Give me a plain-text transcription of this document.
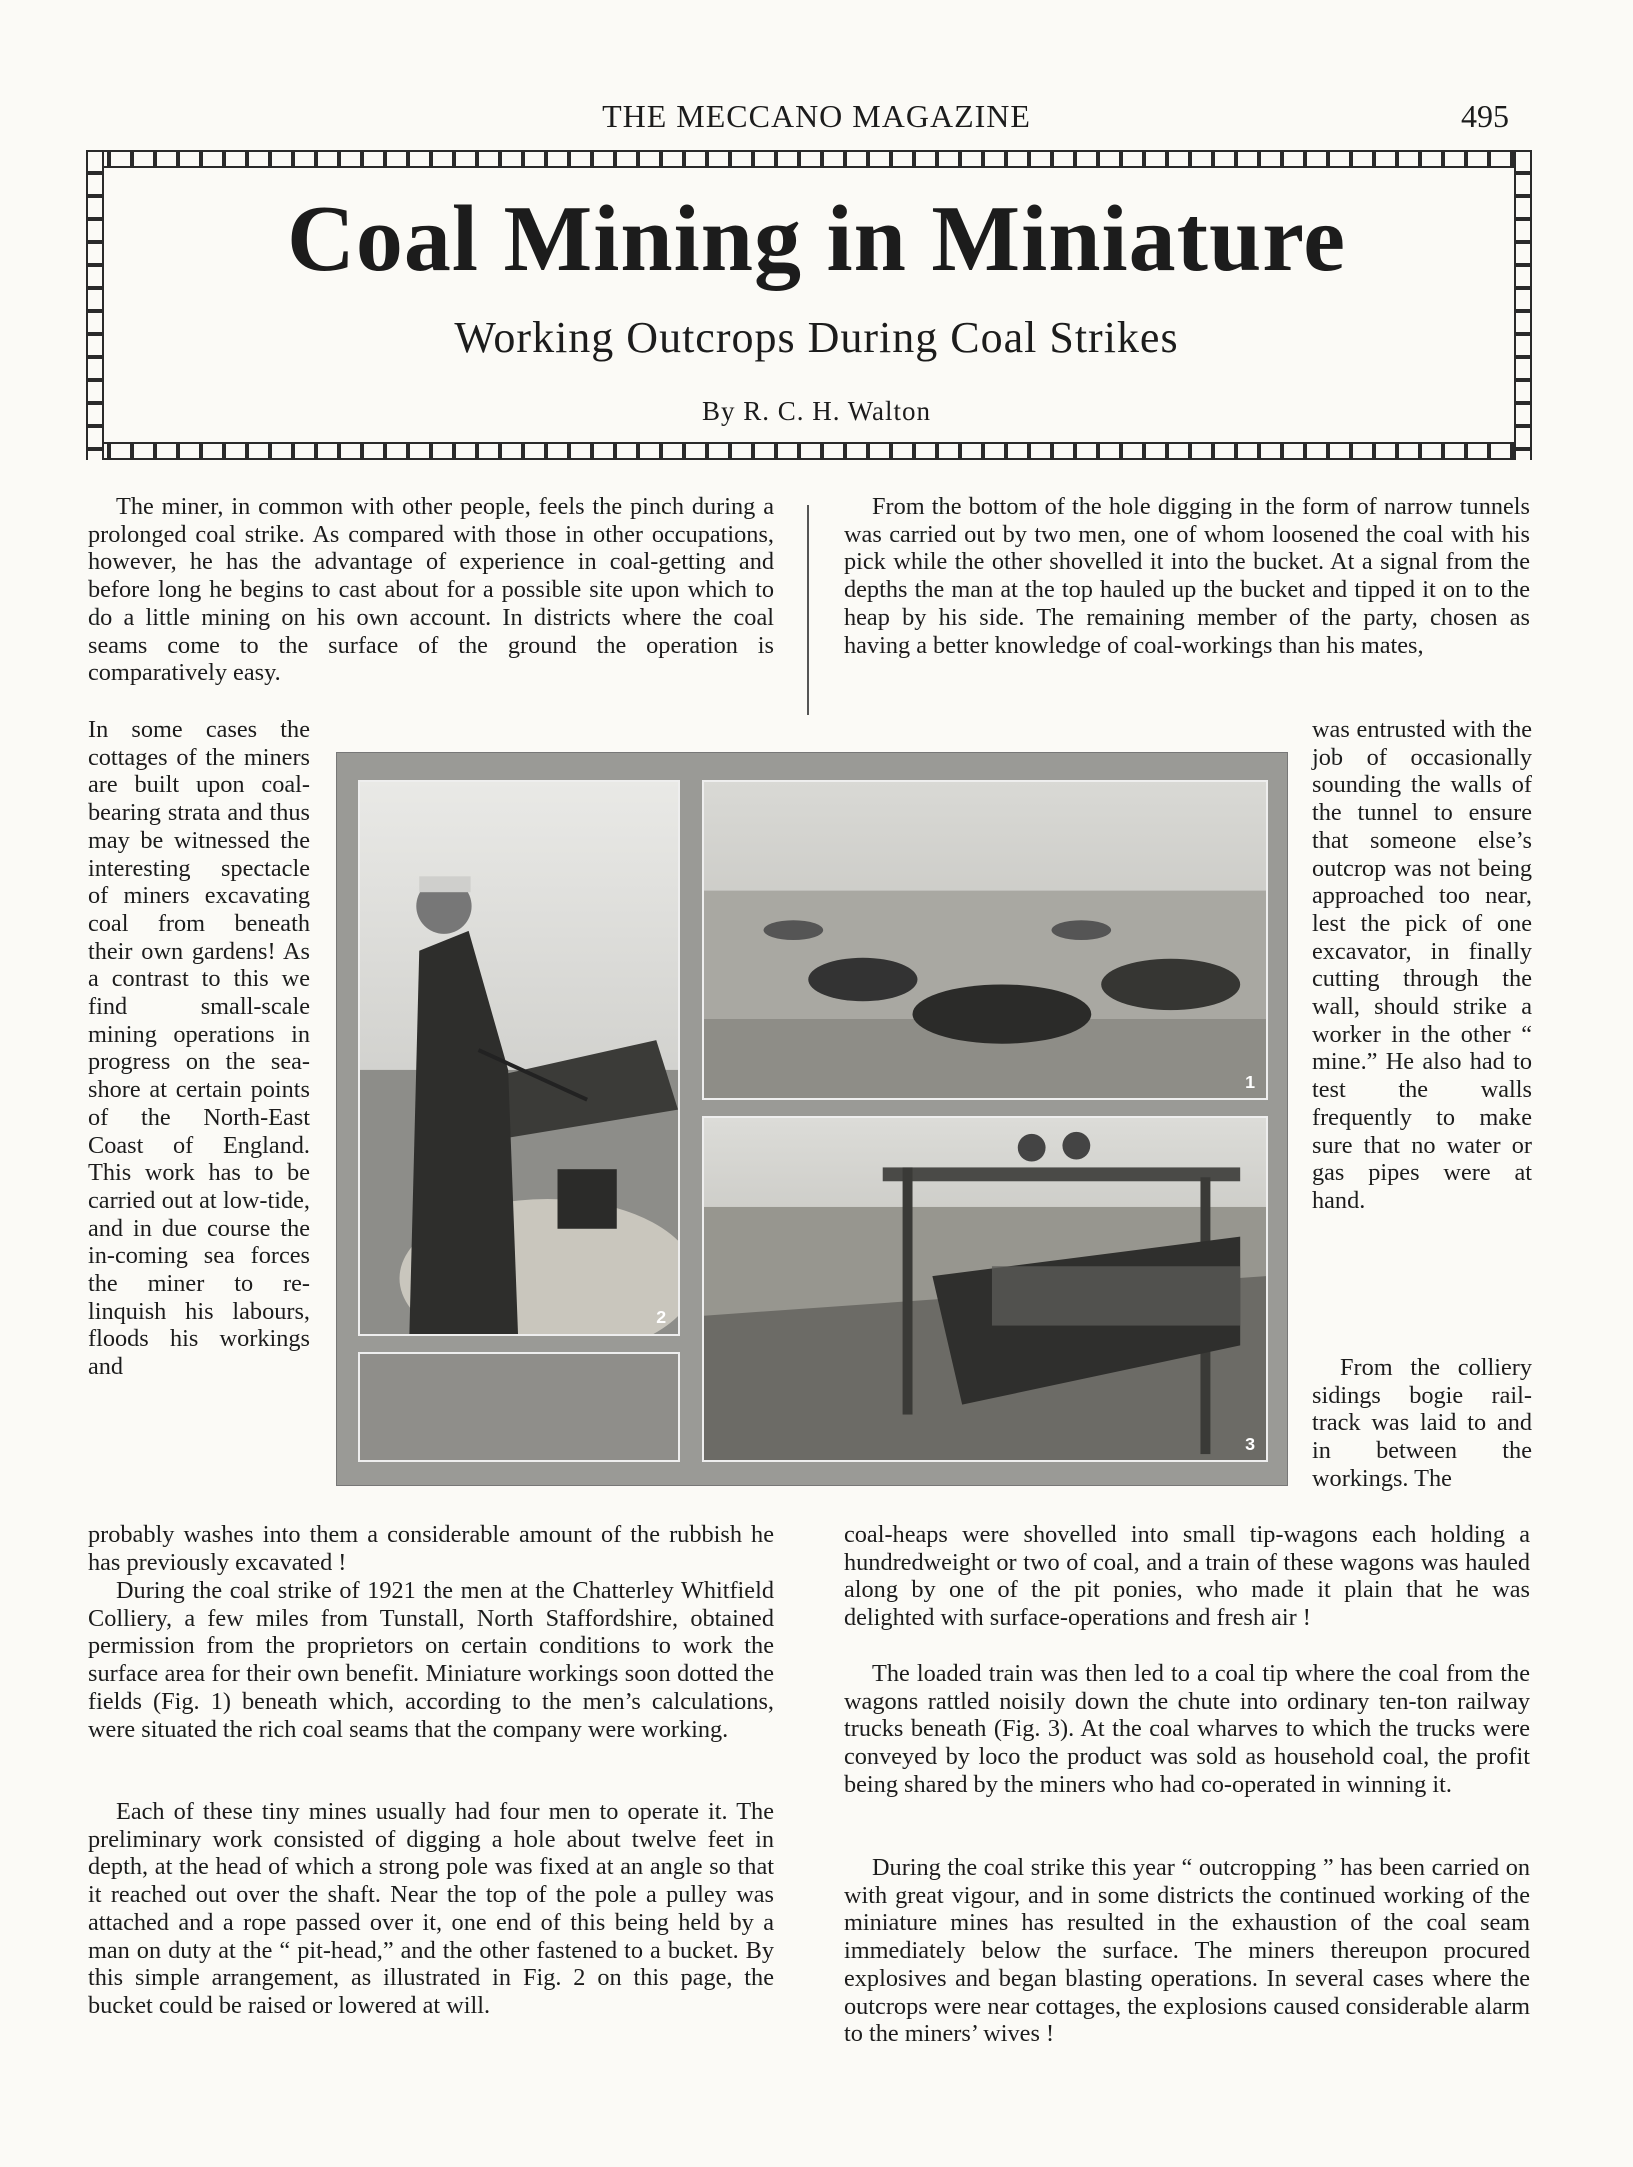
THE MECCANO MAGAZINE	495
Coal Mining in Miniature
Working Outcrops During Coal Strikes
By R. C. H. Walton

The miner, in common with other people, feels the pinch during a prolonged coal strike. As compared with those in other occupations, however, he has the advantage of experience in coal-getting and before long he begins to cast about for a possible site upon which to do a little mining on his own account. In districts where the coal seams come to the surface of the ground the operation is comparatively easy.

In some cases the cottages of the miners are built upon coal-bearing strata and thus may be witnessed the interesting spectacle of miners excavating coal from beneath their own gardens! As a contrast to this we find small-scale mining operations in progress on the sea-shore at certain points of the North-East Coast of England. This work has to be carried out at low-tide, and in due course the in-coming sea forces the miner to re-linquish his labours, floods his workings and

probably washes into them a considerable amount of the rubbish he has previously excavated !

During the coal strike of 1921 the men at the Chatterley Whitfield Colliery, a few miles from Tunstall, North Staffordshire, obtained permission from the proprietors on certain conditions to work the surface area for their own benefit. Miniature workings soon dotted the fields (Fig. 1) beneath which, according to the men’s calculations, were situated the rich coal seams that the company were working.

Each of these tiny mines usually had four men to operate it. The preliminary work consisted of digging a hole about twelve feet in depth, at the head of which a strong pole was fixed at an angle so that it reached out over the shaft. Near the top of the pole a pulley was attached and a rope passed over it, one end of this being held by a man on duty at the “ pit-head,” and the other fastened to a bucket. By this simple arrangement, as illustrated in Fig. 2 on this page, the bucket could be raised or lowered at will.

From the bottom of the hole digging in the form of narrow tunnels was carried out by two men, one of whom loosened the coal with his pick while the other shovelled it into the bucket. At a signal from the depths the man at the top hauled up the bucket and tipped it on to the heap by his side. The remaining member of the party, chosen as having a better knowledge of coal-workings than his mates,

was entrusted with the job of occasionally sounding the walls of the tunnel to ensure that someone else’s outcrop was not being approached too near, lest the pick of one excavator, in finally cutting through the wall, should strike a worker in the other “ mine.” He also had to test the walls frequently to make sure that no water or gas pipes were at hand.

From the colliery sidings bogie rail-track was laid to and in between the workings. The

coal-heaps were shovelled into small tip-wagons each holding a hundredweight or two of coal, and a train of these wagons was hauled along by one of the pit ponies, who made it plain that he was delighted with surface-operations and fresh air !

The loaded train was then led to a coal tip where the coal from the wagons rattled noisily down the chute into ordinary ten-ton railway trucks beneath (Fig. 3). At the coal wharves to which the trucks were conveyed by loco the product was sold as household coal, the profit being shared by the miners who had co-operated in winning it.

During the coal strike this year “ outcropping ” has been carried on with great vigour, and in some districts the continued working of the miniature mines has resulted in the exhaustion of the coal seam immediately below the surface. The miners thereupon procured explosives and began blasting operations. In several cases where the outcrops were near cottages, the explosions caused considerable alarm to the miners’ wives !

2
1
3
